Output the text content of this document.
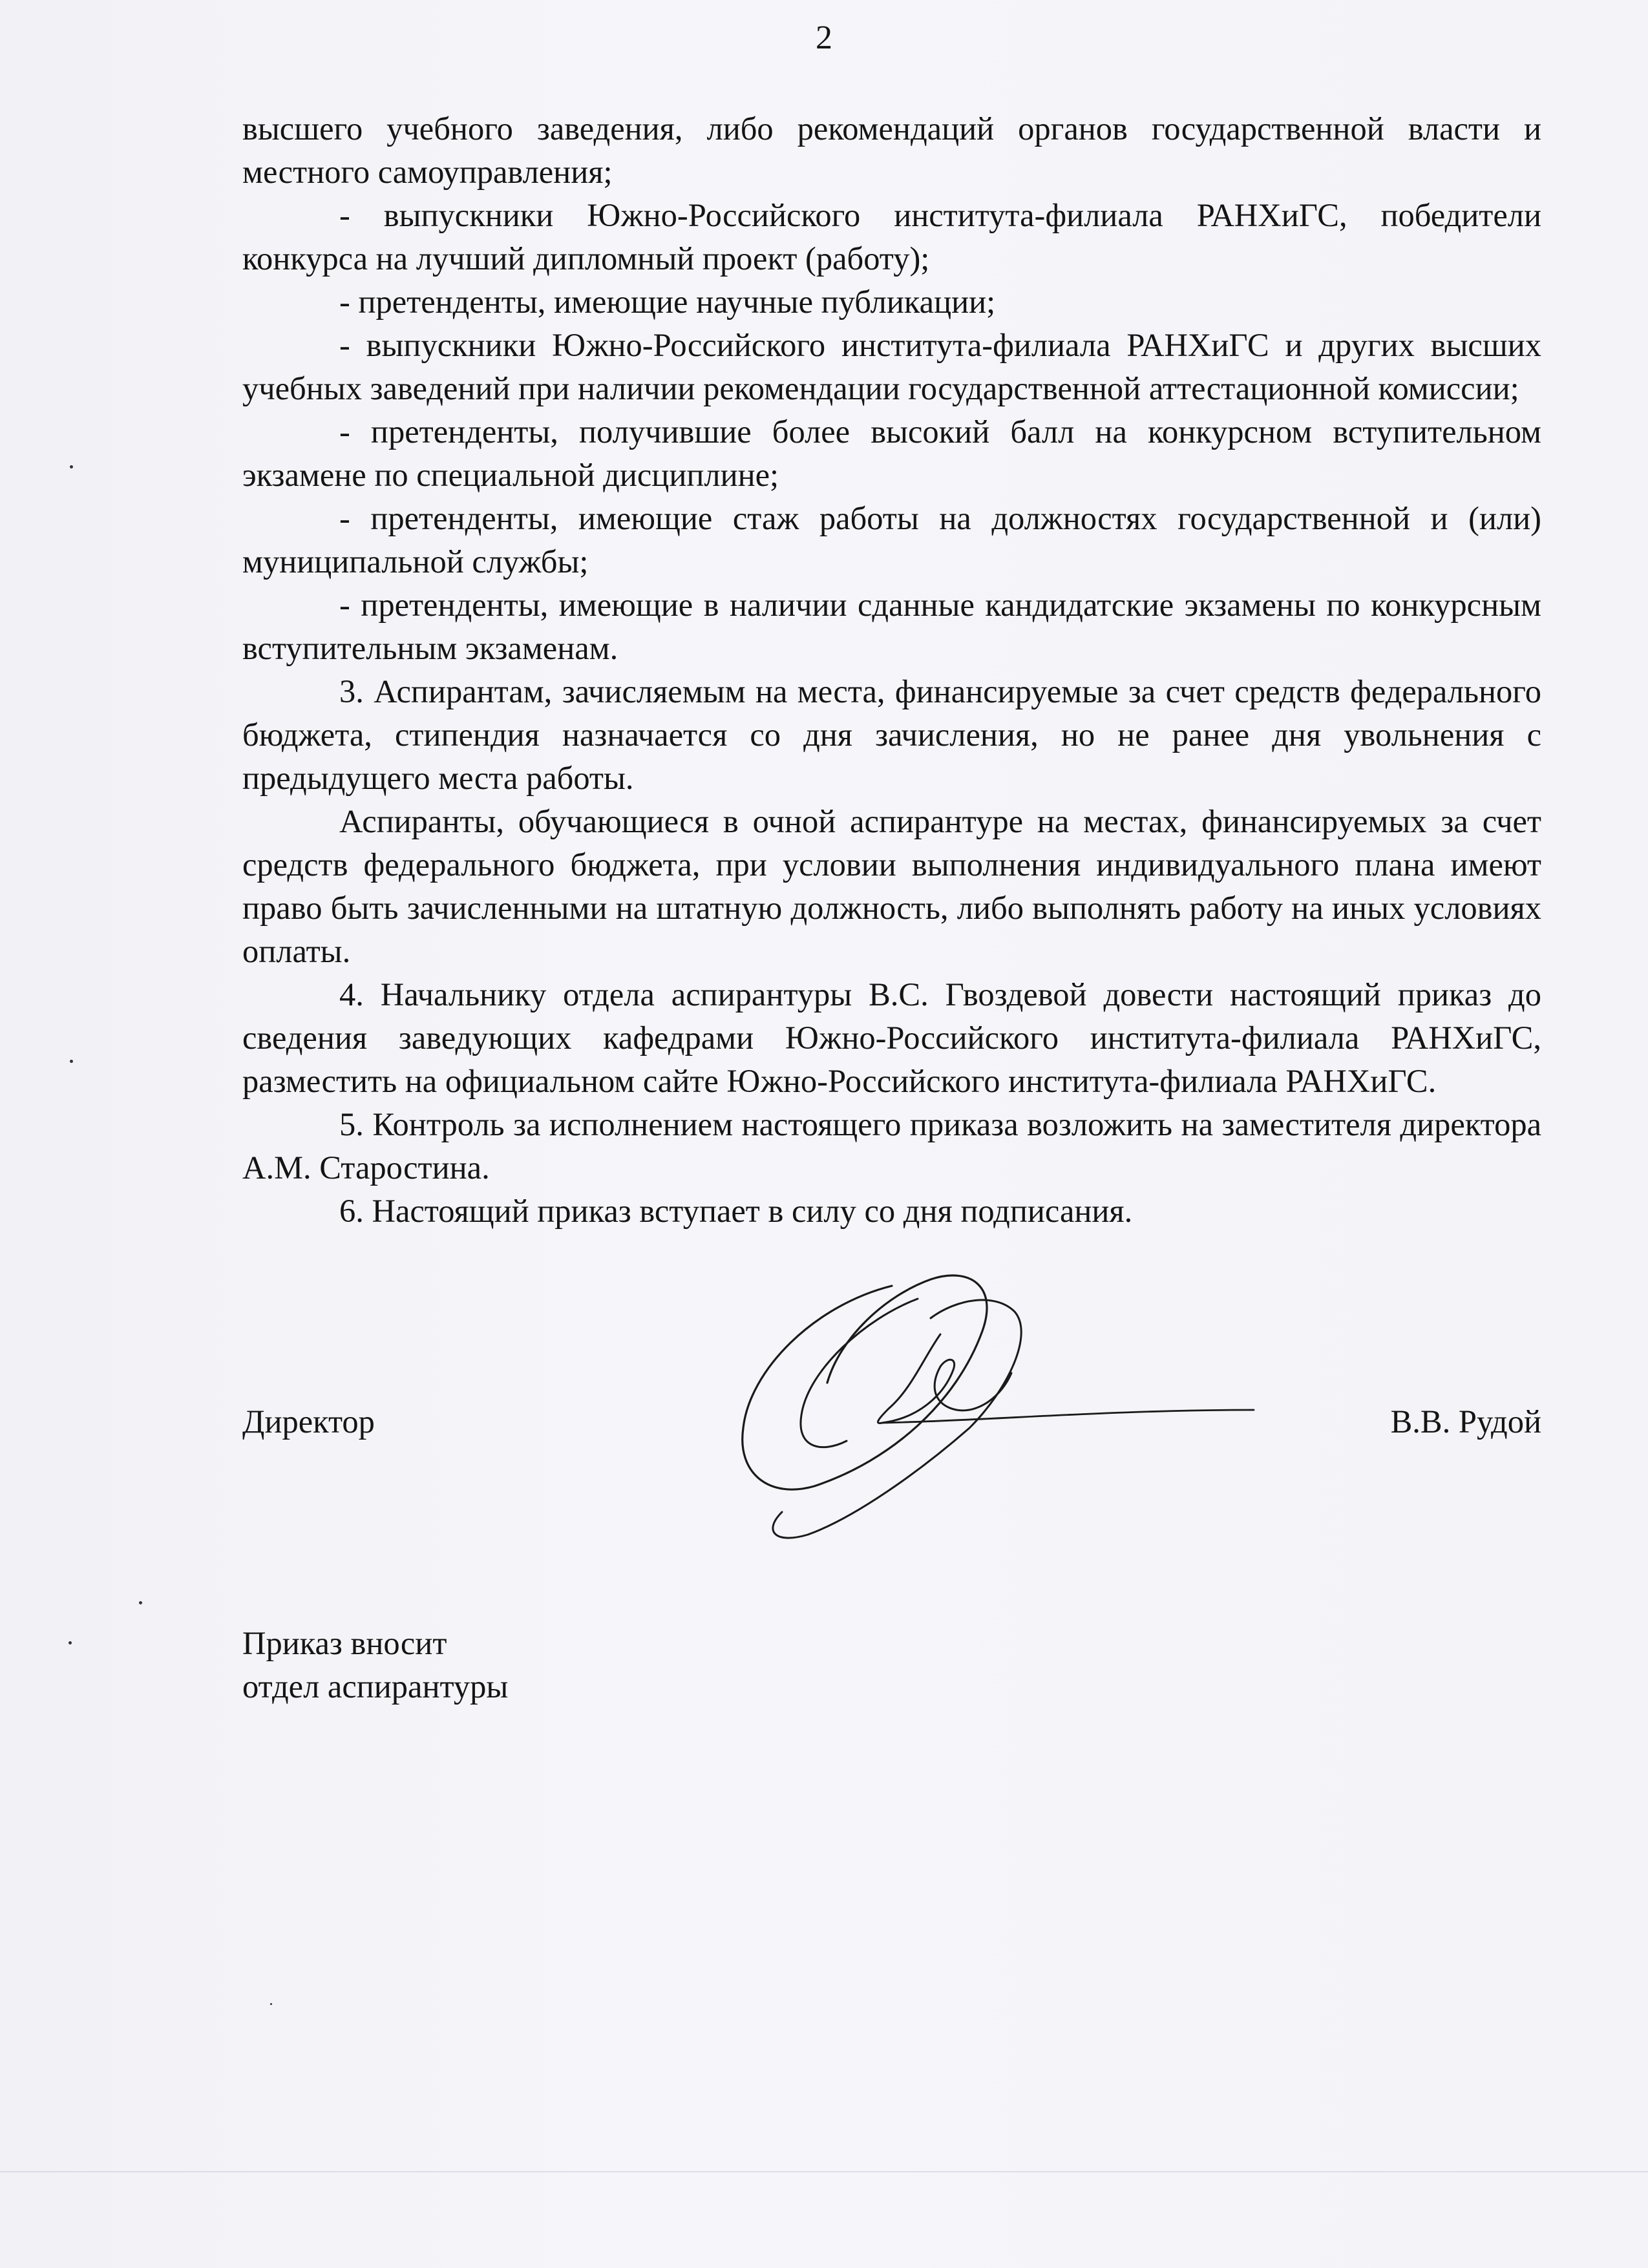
2

высшего учебного заведения, либо рекомендаций органов государственной власти и местного самоуправления;

- выпускники Южно-Российского института-филиала РАНХиГС, победители конкурса на лучший дипломный проект (работу);

- претенденты, имеющие научные публикации;

- выпускники Южно-Российского института-филиала РАНХиГС и других высших учебных заведений при наличии рекомендации государственной аттестационной комиссии;

- претенденты, получившие более высокий балл на конкурсном вступительном экзамене по специальной дисциплине;

- претенденты, имеющие стаж работы на должностях государственной и (или) муниципальной службы;

- претенденты, имеющие в наличии сданные кандидатские экзамены по конкурсным вступительным экзаменам.

3. Аспирантам, зачисляемым на места, финансируемые за счет средств федерального бюджета, стипендия назначается со дня зачисления, но не ранее дня увольнения с предыдущего места работы.

Аспиранты, обучающиеся в очной аспирантуре на местах, финансируемых за счет средств федерального бюджета, при условии выполнения индивидуального плана имеют право быть зачисленными на штатную должность, либо выполнять работу на иных условиях оплаты.

4. Начальнику отдела аспирантуры В.С. Гвоздевой довести настоящий приказ до сведения заведующих кафедрами Южно-Российского института-филиала РАНХиГС, разместить на официальном сайте Южно-Российского института-филиала РАНХиГС.

5. Контроль за исполнением настоящего приказа возложить на заместителя директора А.М. Старостина.

6. Настоящий приказ вступает в силу со дня подписания.

Директор	В.В. Рудой
Приказ вносит
отдел аспирантуры
